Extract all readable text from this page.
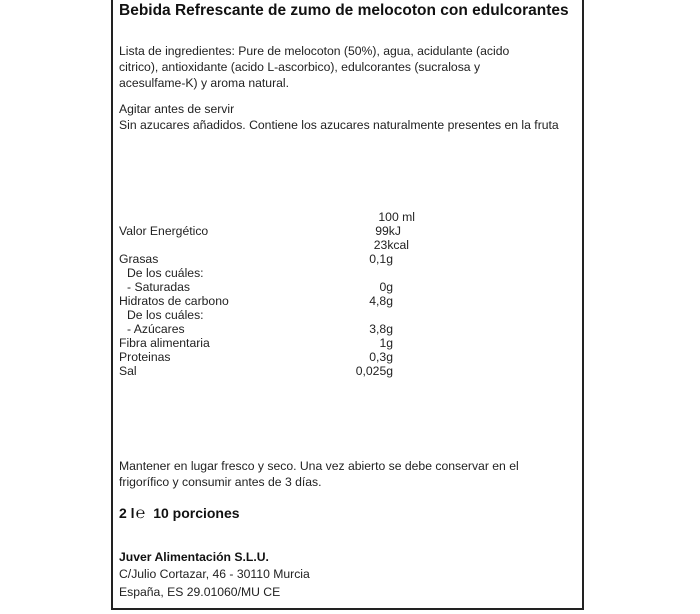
Bebida Refrescante de zumo de melocoton con edulcorantes
Lista de ingredientes: Pure de melocoton (50%), agua, acidulante (acido
citrico), antioxidante (acido L-ascorbico), edulcorantes (sucralosa y
acesulfame-K) y aroma natural.
Agitar antes de servir
Sin azucares añadidos. Contiene los azucares naturalmente presentes en la fruta
100 ml
Valor Energético	99kJ
23kcal
Grasas	0,1g
De los cuáles:
- Saturadas	0g
Hidratos de carbono	4,8g
De los cuáles:
- Azúcares	3,8g
Fibra alimentaria	1g
Proteinas	0,3g
Sal	0,025g
Mantener en lugar fresco y seco. Una vez abierto se debe conservar en el
frigorífico y consumir antes de 3 días.
2 l℮ 10 porciones
Juver Alimentación S.L.U.
C/Julio Cortazar, 46 - 30110 Murcia
España, ES 29.01060/MU CE
